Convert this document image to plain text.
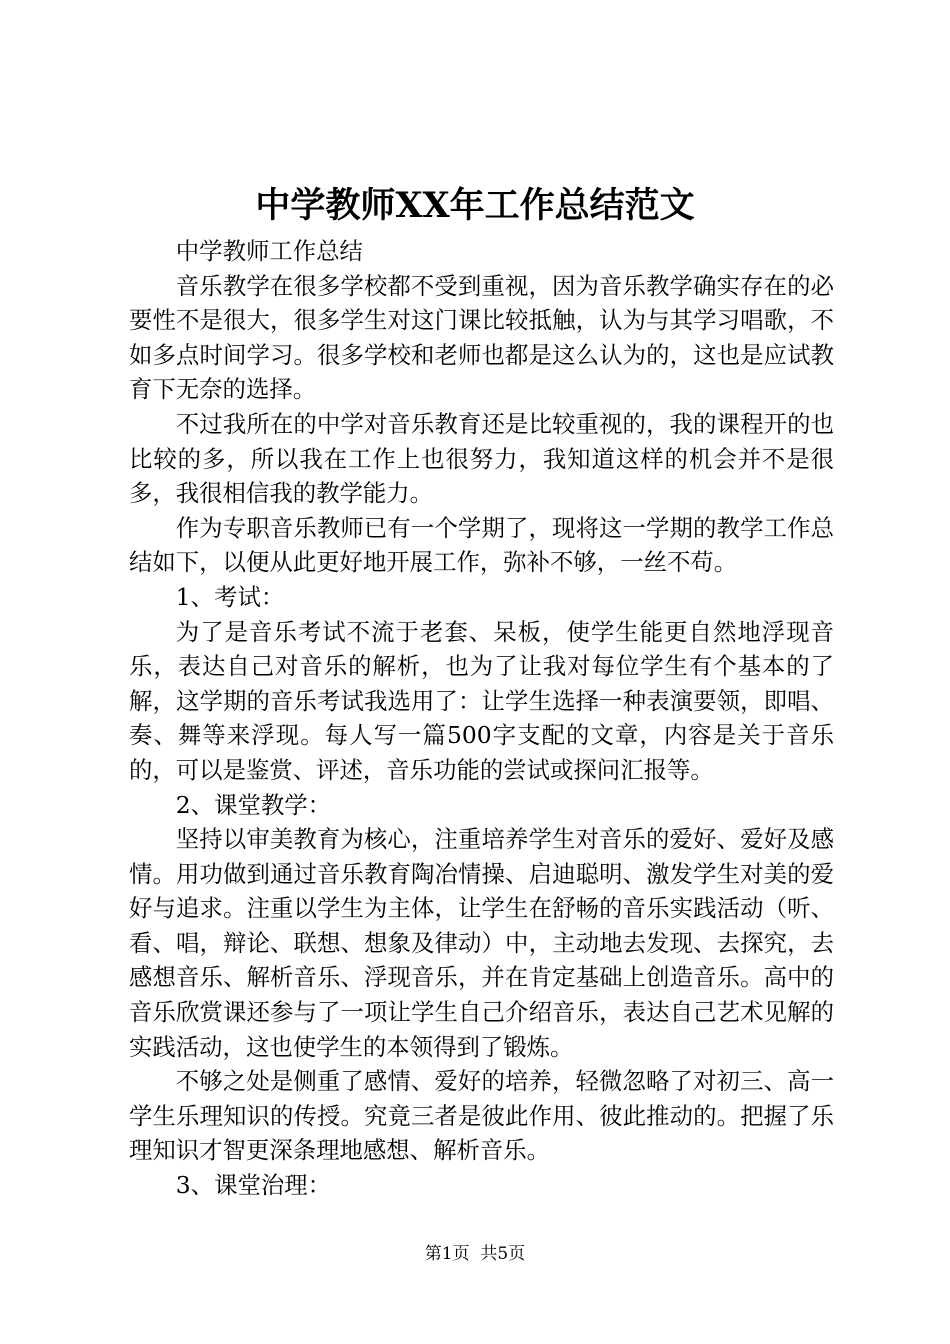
中学教师XX年工作总结范文

中学教师工作总结

音乐教学在很多学校都不受到重视，因为音乐教学确实存在的必要性不是很大，很多学生对这门课比较抵触，认为与其学习唱歌，不如多点时间学习。很多学校和老师也都是这么认为的，这也是应试教育下无奈的选择。

不过我所在的中学对音乐教育还是比较重视的，我的课程开的也比较的多，所以我在工作上也很努力，我知道这样的机会并不是很多，我很相信我的教学能力。

作为专职音乐教师已有一个学期了，现将这一学期的教学工作总结如下，以便从此更好地开展工作，弥补不够，一丝不苟。

1、考试：

为了是音乐考试不流于老套、呆板，使学生能更自然地浮现音乐，表达自己对音乐的解析，也为了让我对每位学生有个基本的了解，这学期的音乐考试我选用了：让学生选择一种表演要领，即唱、奏、舞等来浮现。每人写一篇500字支配的文章，内容是关于音乐的，可以是鉴赏、评述，音乐功能的尝试或探问汇报等。

2、课堂教学：

坚持以审美教育为核心，注重培养学生对音乐的爱好、爱好及感情。用功做到通过音乐教育陶冶情操、启迪聪明、激发学生对美的爱好与追求。注重以学生为主体，让学生在舒畅的音乐实践活动（听、看、唱，辩论、联想、想象及律动）中，主动地去发现、去探究，去感想音乐、解析音乐、浮现音乐，并在肯定基础上创造音乐。高中的音乐欣赏课还参与了一项让学生自己介绍音乐，表达自己艺术见解的实践活动，这也使学生的本领得到了锻炼。

不够之处是侧重了感情、爱好的培养，轻微忽略了对初三、高一学生乐理知识的传授。究竟三者是彼此作用、彼此推动的。把握了乐理知识才智更深条理地感想、解析音乐。

3、课堂治理：

第1页  共5页
